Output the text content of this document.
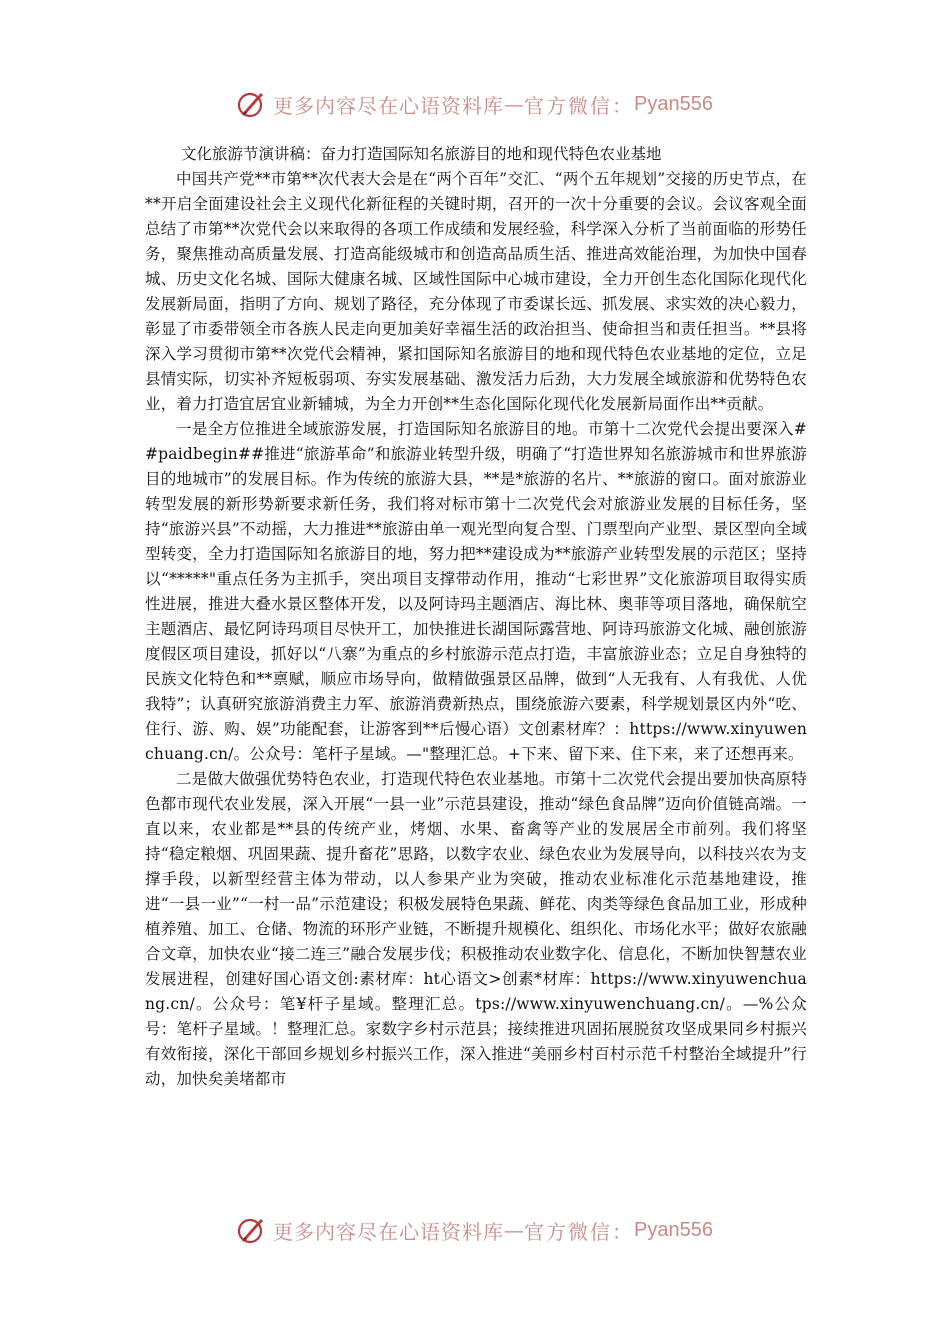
更多内容尽在心语资料库 — 官方微信： Pyan556

文化旅游节演讲稿：奋力打造国际知名旅游目的地和现代特色农业基地

中国共产党**市第**次代表大会是在“两个百年”交汇、“两个五年规划”交接的历史节点，在**开启全面建设社会主义现代化新征程的关键时期，召开的一次十分重要的会议。会议客观全面总结了市第**次党代会以来取得的各项工作成绩和发展经验，科学深入分析了当前面临的形势任务，聚焦推动高质量发展、打造高能级城市和创造高品质生活、推进高效能治理，为加快中国春城、历史文化名城、国际大健康名城、区域性国际中心城市建设，全力开创生态化国际化现代化发展新局面，指明了方向、规划了路径，充分体现了市委谋长远、抓发展、求实效的决心毅力，彰显了市委带领全市各族人民走向更加美好幸福生活的政治担当、使命担当和责任担当。**县将深入学习贯彻市第**次党代会精神，紧扣国际知名旅游目的地和现代特色农业基地的定位，立足县情实际，切实补齐短板弱项、夯实发展基础、激发活力后劲，大力发展全域旅游和优势特色农业，着力打造宜居宜业新辅城，为全力开创**生态化国际化现代化发展新局面作出**贡献。

一是全方位推进全域旅游发展，打造国际知名旅游目的地。市第十二次党代会提出要深入##paidbegin##推进“旅游革命”和旅游业转型升级，明确了“打造世界知名旅游城市和世界旅游目的地城市”的发展目标。作为传统的旅游大县，**是*旅游的名片、**旅游的窗口。面对旅游业转型发展的新形势新要求新任务，我们将对标市第十二次党代会对旅游业发展的目标任务，坚持“旅游兴县”不动摇，大力推进**旅游由单一观光型向复合型、门票型向产业型、景区型向全域型转变，全力打造国际知名旅游目的地，努力把**建设成为**旅游产业转型发展的示范区；坚持以“*****"重点任务为主抓手，突出项目支撑带动作用，推动“七彩世界”文化旅游项目取得实质性进展，推进大叠水景区整体开发，以及阿诗玛主题酒店、海比林、奥菲等项目落地，确保航空主题酒店、最忆阿诗玛项目尽快开工，加快推进长湖国际露营地、阿诗玛旅游文化城、融创旅游度假区项目建设，抓好以“八寨”为重点的乡村旅游示范点打造，丰富旅游业态；立足自身独特的民族文化特色和**禀赋，顺应市场导向，做精做强景区品牌，做到“人无我有、人有我优、人优我特”；认真研究旅游消费主力军、旅游消费新热点，围绕旅游六要素，科学规划景区内外“吃、住行、游、购、娱”功能配套，让游客到**后慢心语）文创素材库？：https://www.xinyuwenchuang.cn/。公众号：笔杆子星域。—"整理汇总。+下来、留下来、住下来，来了还想再来。

二是做大做强优势特色农业，打造现代特色农业基地。市第十二次党代会提出要加快高原特色都市现代农业发展，深入开展“一县一业”示范县建设，推动“绿色食品牌”迈向价值链高端。一直以来，农业都是**县的传统产业，烤烟、水果、畜禽等产业的发展居全市前列。我们将坚持“稳定粮烟、巩固果蔬、提升畜花”思路，以数字农业、绿色农业为发展导向，以科技兴农为支撑手段，以新型经营主体为带动，以人参果产业为突破，推动农业标准化示范基地建设，推进“一县一业”“一村一品”示范建设；积极发展特色果蔬、鲜花、肉类等绿色食品加工业，形成种植养殖、加工、仓储、物流的环形产业链，不断提升规模化、组织化、市场化水平；做好农旅融合文章，加快农业“接二连三”融合发展步伐；积极推动农业数字化、信息化，不断加快智慧农业发展进程，创建好国心语文创:素材库：ht心语文>创素*材库：https://www.xinyuwenchuang.cn/。公众号：笔¥杆子星域。整理汇总。tps://www.xinyuwenchuang.cn/。—%公众号：笔杆子星域。！整理汇总。家数字乡村示范县；接续推进巩固拓展脱贫攻坚成果同乡村振兴有效衔接，深化干部回乡规划乡村振兴工作，深入推进“美丽乡村百村示范千村整治全域提升”行动，加快矣美堵都市

更多内容尽在心语资料库 — 官方微信： Pyan556
